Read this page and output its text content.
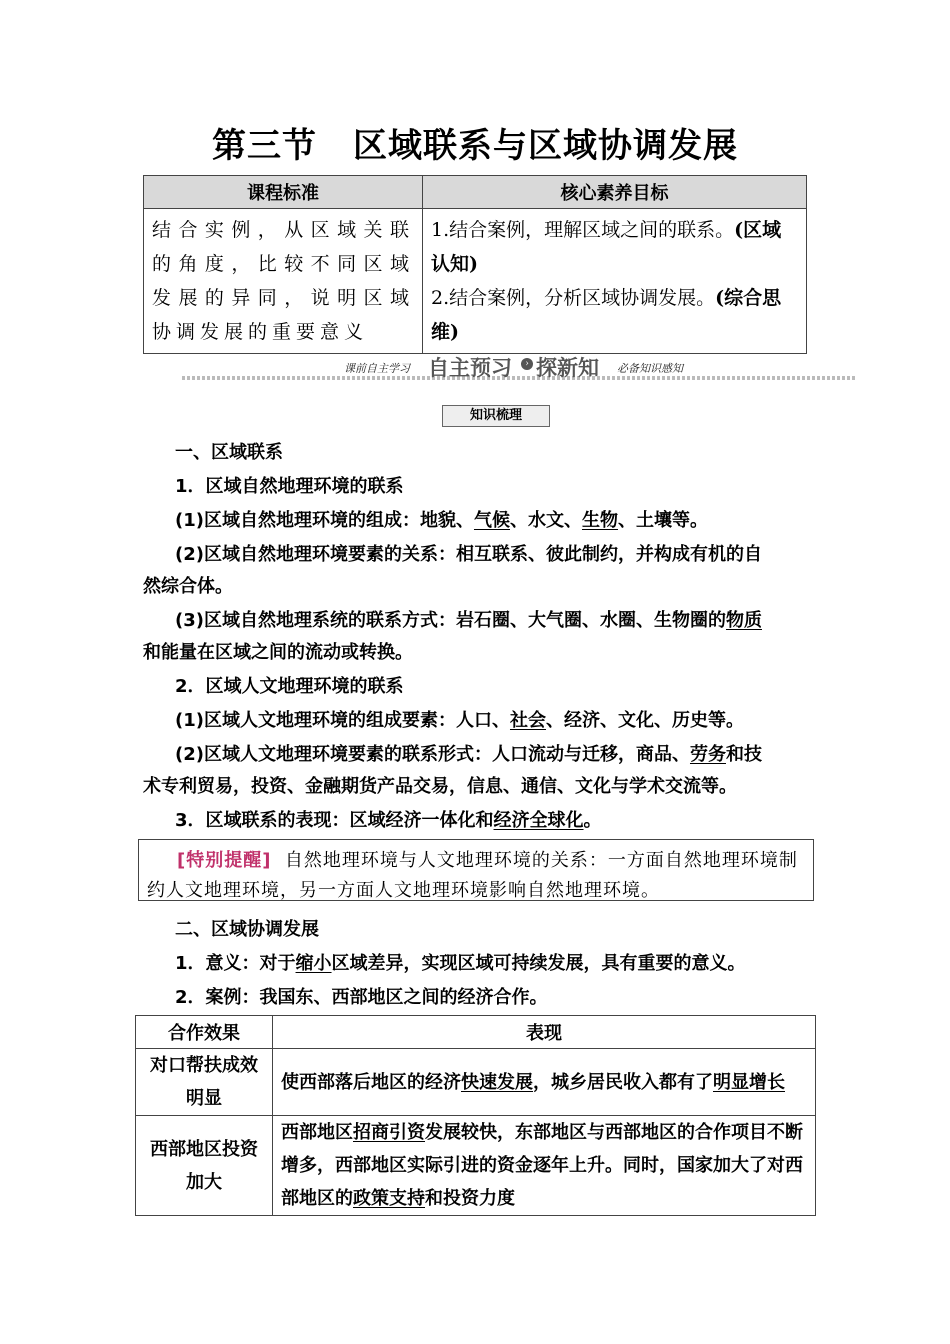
第三节 区域联系与区域协调发展
课程标准	核心素养目标
结合实例，从区域关联的角度，比较不同区域发展的异同，说明区域协调发展的重要意义	1.结合案例，理解区域之间的联系。(区域认知)
2.结合案例，分析区域协调发展。(综合思维)
课前自主学习 自主预习	› 探新知 必备知识感知
知识梳理
一、区域联系
1．区域自然地理环境的联系
(1)区域自然地理环境的组成：地貌、气候、水文、生物、土壤等。
(2)区域自然地理环境要素的关系：相互联系、彼此制约，并构成有机的自
然综合体。
(3)区域自然地理系统的联系方式：岩石圈、大气圈、水圈、生物圈的物质
和能量在区域之间的流动或转换。
2．区域人文地理环境的联系
(1)区域人文地理环境的组成要素：人口、社会、经济、文化、历史等。
(2)区域人文地理环境要素的联系形式：人口流动与迁移，商品、劳务和技
术专利贸易，投资、金融期货产品交易，信息、通信、文化与学术交流等。
3．区域联系的表现：区域经济一体化和经济全球化。
[特别提醒] 自然地理环境与人文地理环境的关系：一方面自然地理环境制
约人文地理环境，另一方面人文地理环境影响自然地理环境。
二、区域协调发展
1．意义：对于缩小区域差异，实现区域可持续发展，具有重要的意义。
2．案例：我国东、西部地区之间的经济合作。
合作效果	表现
对口帮扶成效明显	使西部落后地区的经济快速发展，城乡居民收入都有了明显增长
西部地区投资加大	西部地区招商引资发展较快，东部地区与西部地区的合作项目不断增多，西部地区实际引进的资金逐年上升。同时，国家加大了对西部地区的政策支持和投资力度
